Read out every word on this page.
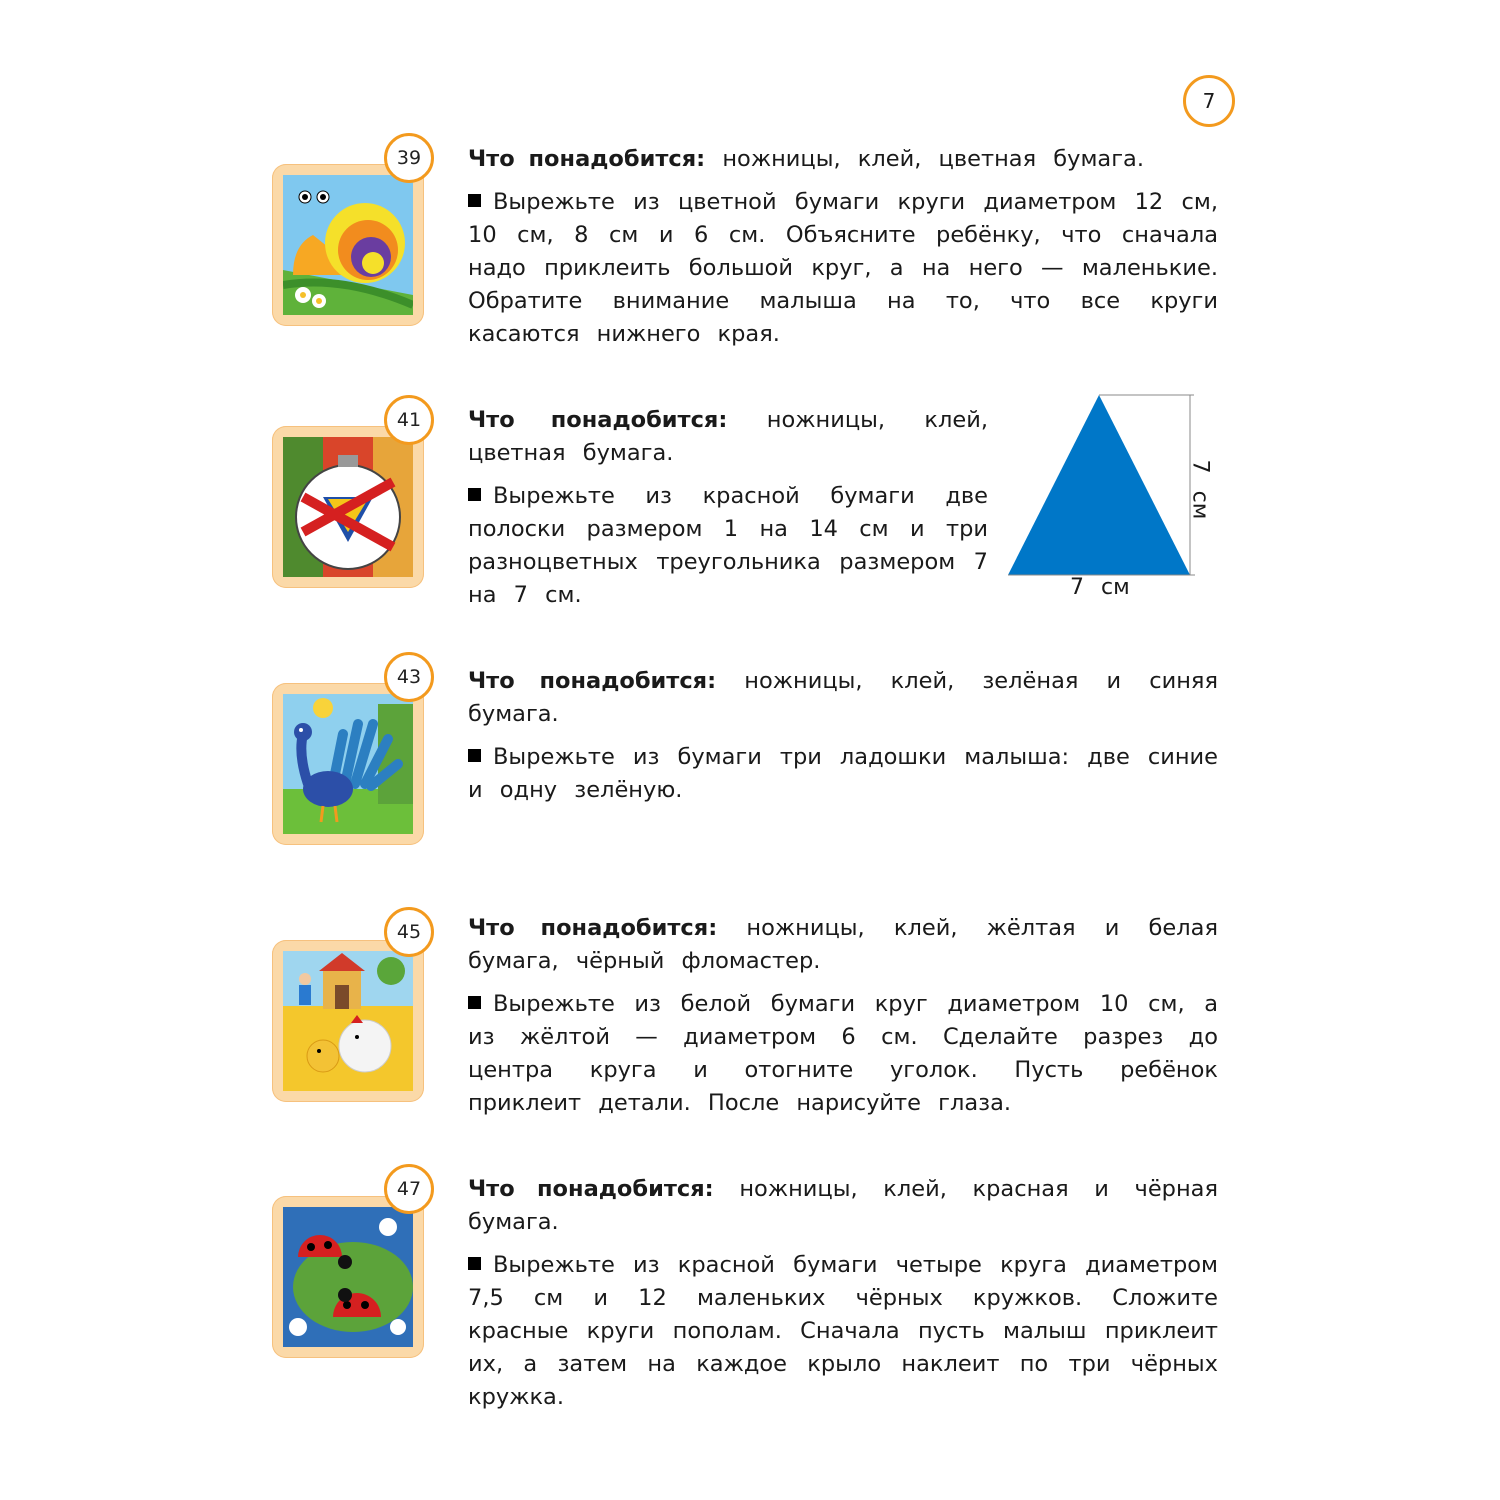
7
39	Что понадобится: ножницы, клей, цветная бумага.

Вырежьте из цветной бумаги круги диаметром 12 см, 10 см, 8 см и 6 см. Объясните ребёнку, что сначала надо приклеить большой круг, а на него — маленькие. Обратите внимание малыша на то, что все круги касаются нижнего края.

41	Что понадобится: ножницы, клей, цветная бумага.

Вырежьте из красной бумаги две полоски размером 1 на 14 см и три разноцветных треугольника размером 7 на 7 см.	7 см
7 см
43	Что понадобится: ножницы, клей, зелёная и синяя бумага.

Вырежьте из бумаги три ладошки малыша: две синие и одну зелёную.

45	Что понадобится: ножницы, клей, жёлтая и белая бумага, чёрный фломастер.

Вырежьте из белой бумаги круг диаметром 10 см, а из жёлтой — диаметром 6 см. Сделайте разрез до центра круга и отогните уголок. Пусть ребёнок приклеит детали. После нарисуйте глаза.

47	Что понадобится: ножницы, клей, красная и чёрная бумага.

Вырежьте из красной бумаги четыре круга диаметром 7,5 см и 12 маленьких чёрных кружков. Сложите красные круги пополам. Сначала пусть малыш приклеит их, а затем на каждое крыло наклеит по три чёрных кружка.
